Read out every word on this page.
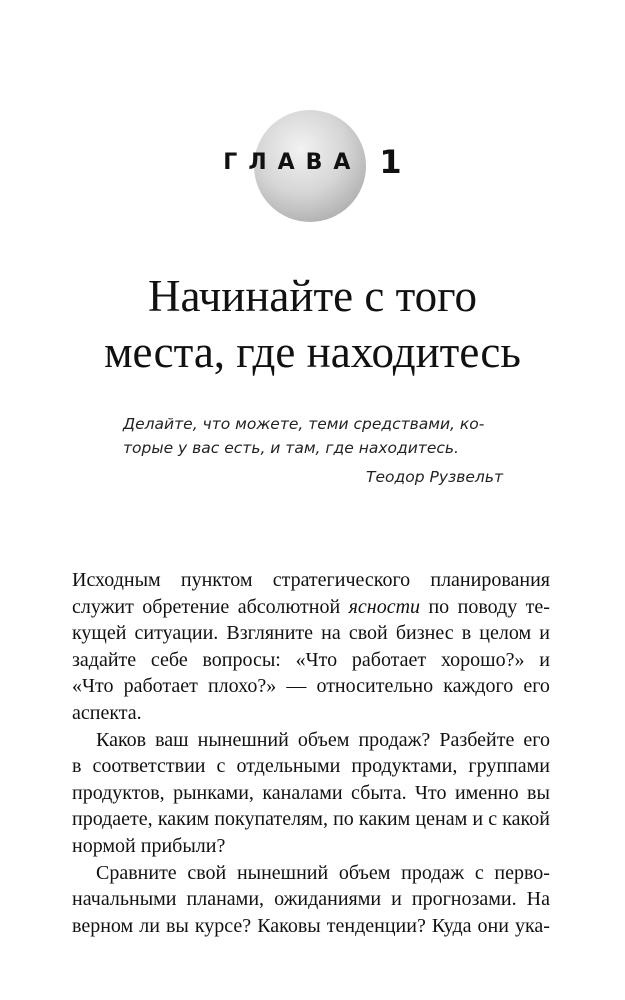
ГЛАВА 1
Начинайте с того
места, где находитесь
Делайте, что можете, теми средствами, ко-
торые у вас есть, и там, где находитесь.
Теодор Рузвельт
Исходным пунктом стратегического планирования
служит обретение абсолютной ясности по поводу те-
кущей ситуации. Взгляните на свой бизнес в целом и
задайте себе вопросы: «Что работает хорошо?» и
«Что работает плохо?» — относительно каждого его
аспекта.
Каков ваш нынешний объем продаж? Разбейте его
в соответствии с отдельными продуктами, группами
продуктов, рынками, каналами сбыта. Что именно вы
продаете, каким покупателям, по каким ценам и с какой
нормой прибыли?
Сравните свой нынешний объем продаж с перво-
начальными планами, ожиданиями и прогнозами. На
верном ли вы курсе? Каковы тенденции? Куда они ука-
